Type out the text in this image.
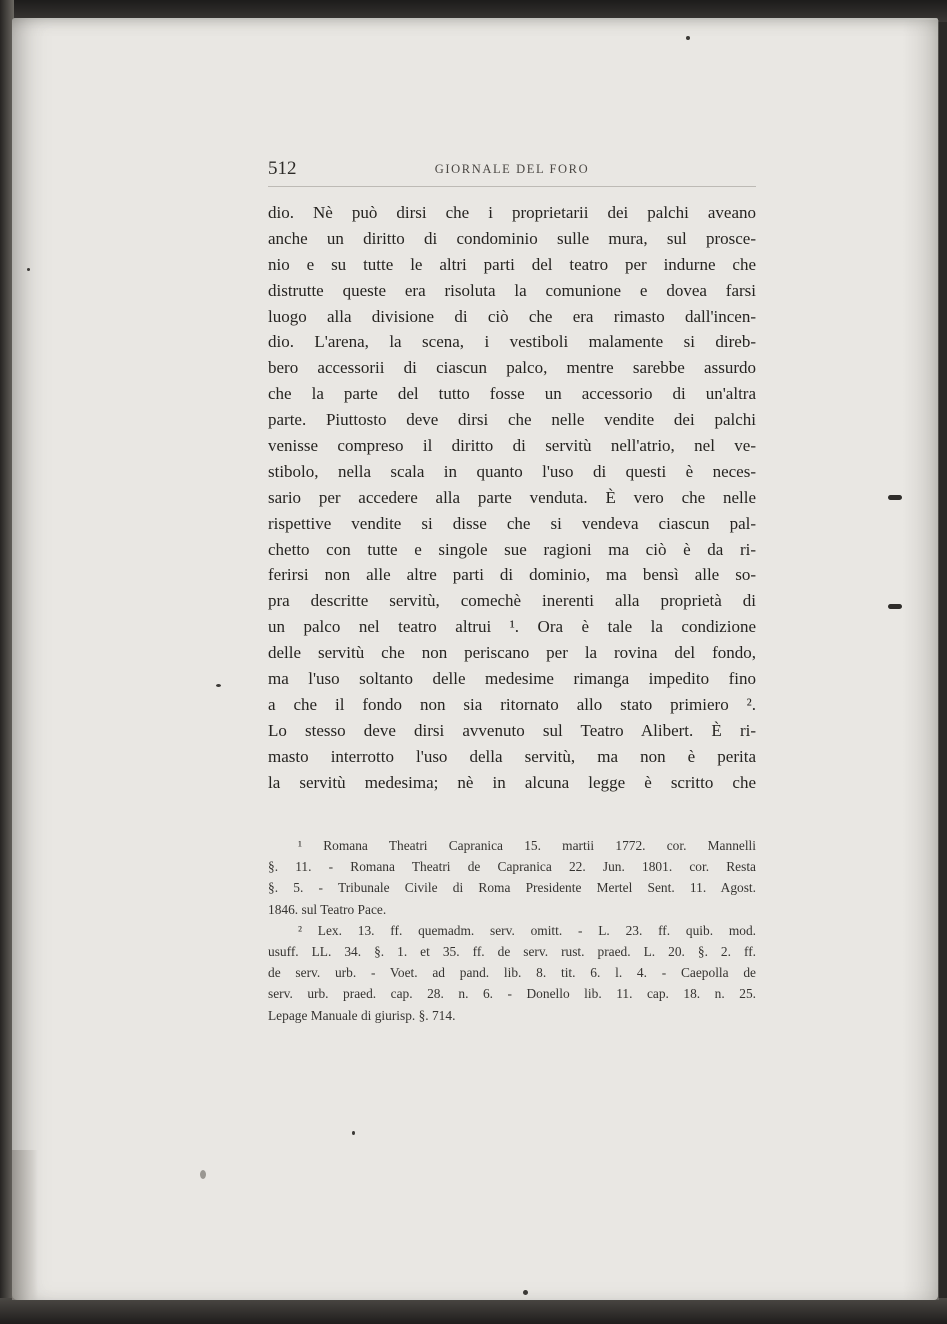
512	GIORNALE DEL FORO
dio. Nè può dirsi che i proprietarii dei palchi aveano
anche un diritto di condominio sulle mura, sul prosce-
nio e su tutte le altri parti del teatro per indurne che
distrutte queste era risoluta la comunione e dovea farsi
luogo alla divisione di ciò che era rimasto dall'incen-
dio. L'arena, la scena, i vestiboli malamente si direb-
bero accessorii di ciascun palco, mentre sarebbe assurdo
che la parte del tutto fosse un accessorio di un'altra
parte. Piuttosto deve dirsi che nelle vendite dei palchi
venisse compreso il diritto di servitù nell'atrio, nel ve-
stibolo, nella scala in quanto l'uso di questi è neces-
sario per accedere alla parte venduta. È vero che nelle
rispettive vendite si disse che si vendeva ciascun pal-
chetto con tutte e singole sue ragioni ma ciò è da ri-
ferirsi non alle altre parti di dominio, ma bensì alle so-
pra descritte servitù, comechè inerenti alla proprietà di
un palco nel teatro altrui ¹. Ora è tale la condizione
delle servitù che non periscano per la rovina del fondo,
ma l'uso soltanto delle medesime rimanga impedito fino
a che il fondo non sia ritornato allo stato primiero ².
Lo stesso deve dirsi avvenuto sul Teatro Alibert. È ri-
masto interrotto l'uso della servitù, ma non è perita
la servitù medesima; nè in alcuna legge è scritto che
¹ Romana Theatri Capranica 15. martii 1772. cor. Mannelli
§. 11. - Romana Theatri de Capranica 22. Jun. 1801. cor. Resta
§. 5. - Tribunale Civile di Roma Presidente Mertel Sent. 11. Agost.
1846. sul Teatro Pace.
² Lex. 13. ff. quemadm. serv. omitt. - L. 23. ff. quib. mod.
usuff. LL. 34. §. 1. et 35. ff. de serv. rust. praed. L. 20. §. 2. ff.
de serv. urb. - Voet. ad pand. lib. 8. tit. 6. l. 4. - Caepolla de
serv. urb. praed. cap. 28. n. 6. - Donello lib. 11. cap. 18. n. 25.
Lepage Manuale di giurisp. §. 714.
